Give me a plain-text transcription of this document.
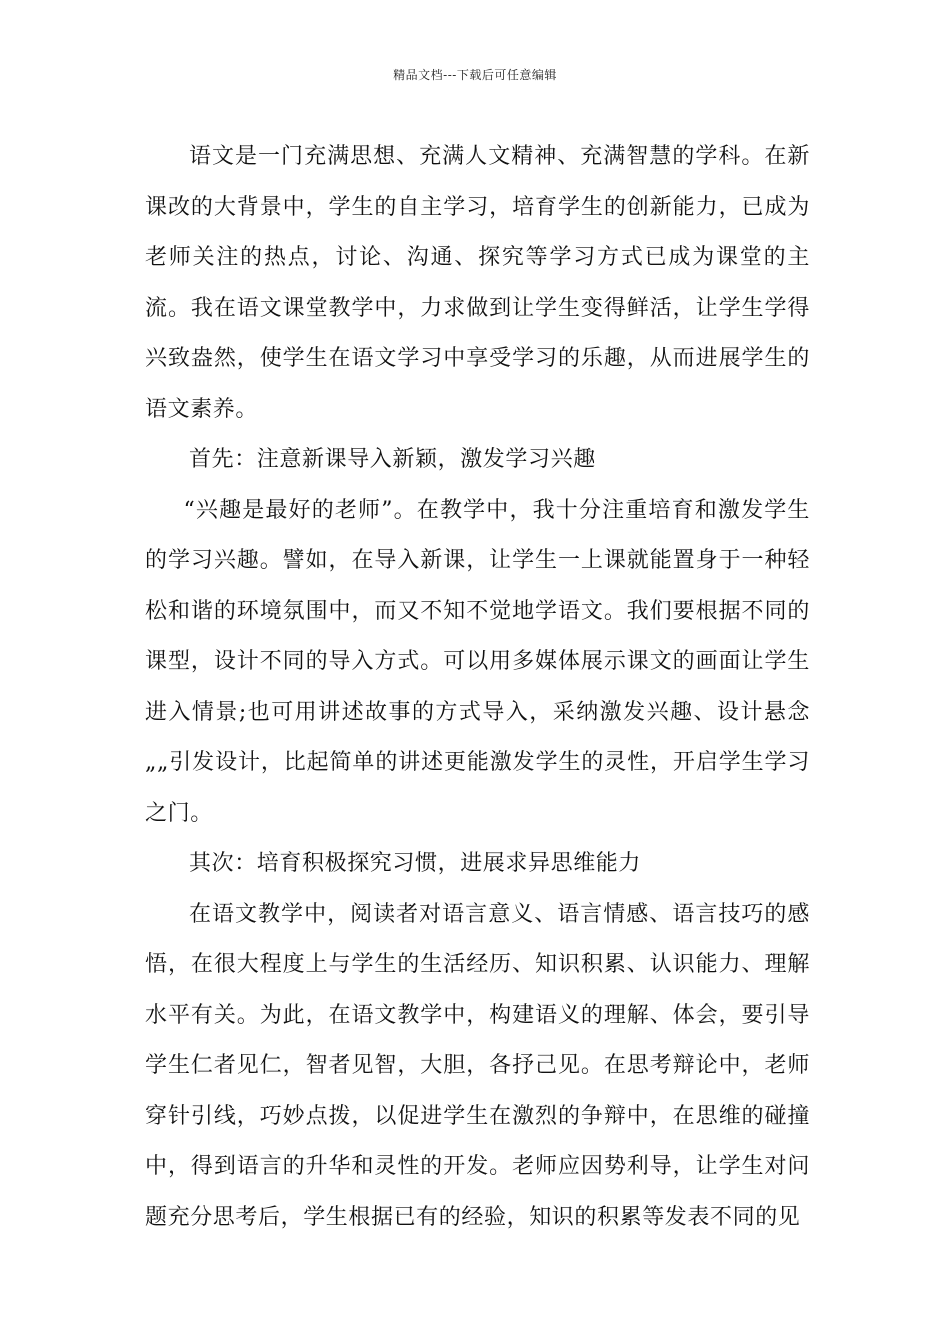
精品文档---下载后可任意编辑

语文是一门充满思想、充满人文精神、充满智慧的学科。在新课改的大背景中，学生的自主学习，培育学生的创新能力，已成为老师关注的热点，讨论、沟通、探究等学习方式已成为课堂的主流。我在语文课堂教学中，力求做到让学生变得鲜活，让学生学得兴致盎然，使学生在语文学习中享受学习的乐趣，从而进展学生的语文素养。

首先：注意新课导入新颖，激发学习兴趣

“兴趣是最好的老师”。在教学中，我十分注重培育和激发学生的学习兴趣。譬如，在导入新课，让学生一上课就能置身于一种轻松和谐的环境氛围中，而又不知不觉地学语文。我们要根据不同的课型，设计不同的导入方式。可以用多媒体展示课文的画面让学生进入情景;也可用讲述故事的方式导入，采纳激发兴趣、设计悬念„„引发设计，比起简单的讲述更能激发学生的灵性，开启学生学习之门。

其次：培育积极探究习惯，进展求异思维能力

在语文教学中，阅读者对语言意义、语言情感、语言技巧的感悟，在很大程度上与学生的生活经历、知识积累、认识能力、理解水平有关。为此，在语文教学中，构建语义的理解、体会，要引导学生仁者见仁，智者见智，大胆，各抒己见。在思考辩论中，老师穿针引线，巧妙点拨，以促进学生在激烈的争辩中，在思维的碰撞中，得到语言的升华和灵性的开发。老师应因势利导，让学生对问题充分思考后，学生根据已有的经验，知识的积累等发表不同的见
